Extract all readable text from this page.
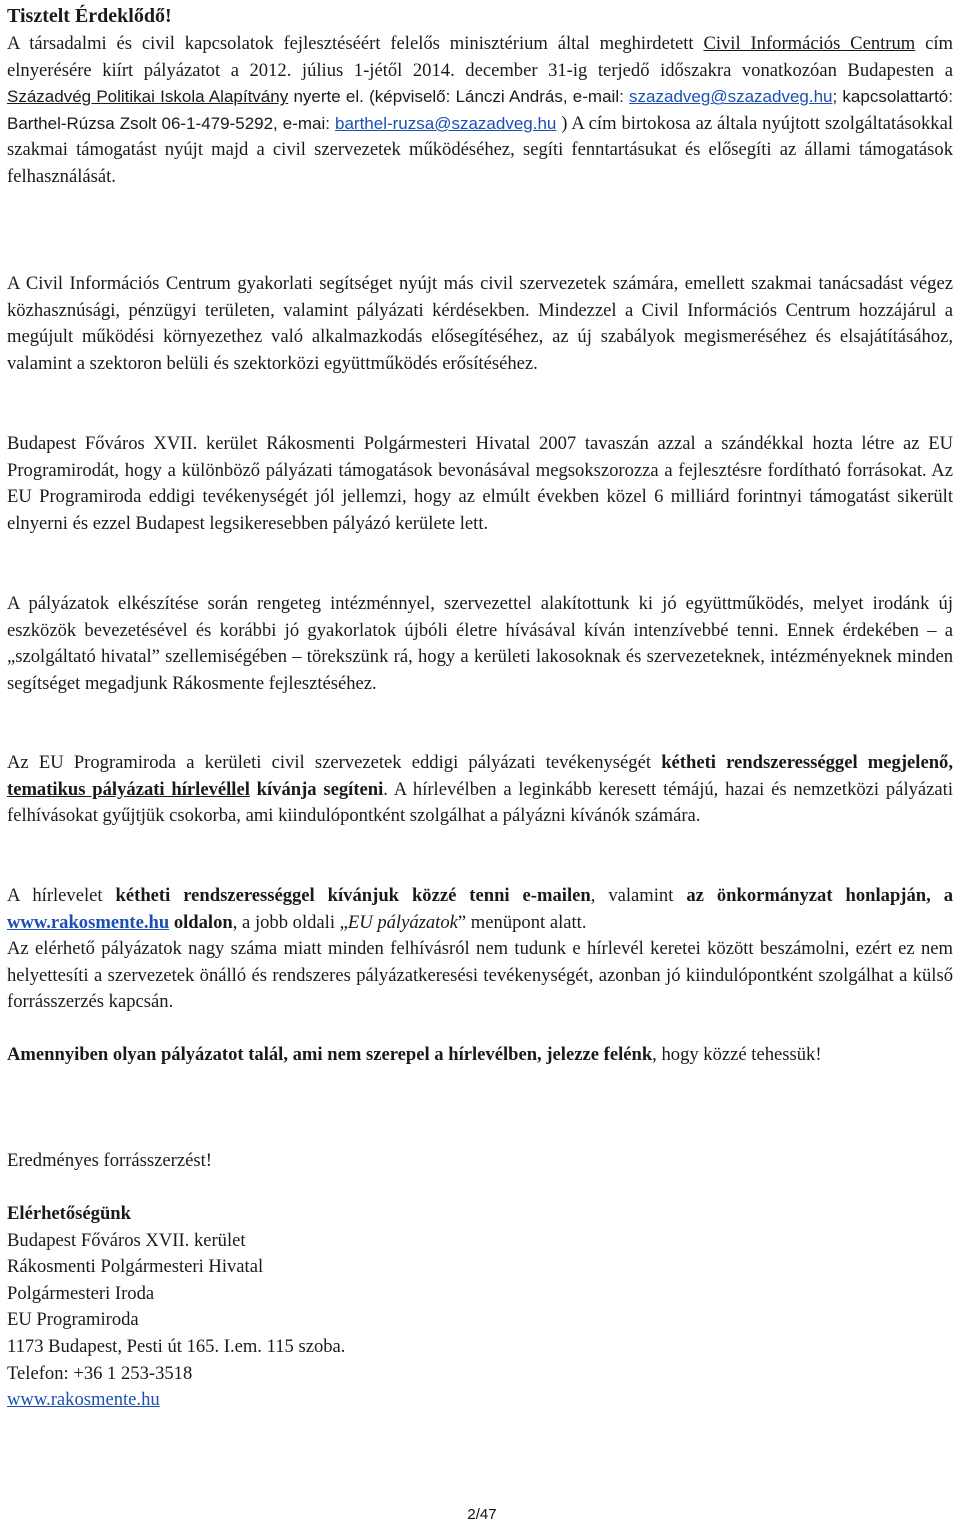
Tisztelt Érdeklődő!

A társadalmi és civil kapcsolatok fejlesztéséért felelős minisztérium által meghirdetett Civil Információs Centrum cím elnyerésére kiírt pályázatot a 2012. július 1-jétől 2014. december 31-ig terjedő időszakra vonatkozóan Budapesten a Századvég Politikai Iskola Alapítvány nyerte el. (képviselő: Lánczi András, e-mail: szazadveg@szazadveg.hu; kapcsolattartó: Barthel-Rúzsa Zsolt 06-1-479-5292, e-mai: barthel-ruzsa@szazadveg.hu ) A cím birtokosa az általa nyújtott szolgáltatásokkal szakmai támogatást nyújt majd a civil szervezetek működéséhez, segíti fenntartásukat és elősegíti az állami támogatások felhasználását.

A Civil Információs Centrum gyakorlati segítséget nyújt más civil szervezetek számára, emellett szakmai tanácsadást végez közhasznúsági, pénzügyi területen, valamint pályázati kérdésekben. Mindezzel a Civil Információs Centrum hozzájárul a megújult működési környezethez való alkalmazkodás elősegítéséhez, az új szabályok megismeréséhez és elsajátításához, valamint a szektoron belüli és szektorközi együttműködés erősítéséhez.

Budapest Főváros XVII. kerület Rákosmenti Polgármesteri Hivatal 2007 tavaszán azzal a szándékkal hozta létre az EU Programirodát, hogy a különböző pályázati támogatások bevonásával megsokszorozza a fejlesztésre fordítható forrásokat. Az EU Programiroda eddigi tevékenységét jól jellemzi, hogy az elmúlt években közel 6 milliárd forintnyi támogatást sikerült elnyerni és ezzel Budapest legsikeresebben pályázó kerülete lett.

A pályázatok elkészítése során rengeteg intézménnyel, szervezettel alakítottunk ki jó együttműködés, melyet irodánk új eszközök bevezetésével és korábbi jó gyakorlatok újbóli életre hívásával kíván intenzívebbé tenni. Ennek érdekében – a „szolgáltató hivatal” szellemiségében – törekszünk rá, hogy a kerületi lakosoknak és szervezeteknek, intézményeknek minden segítséget megadjunk Rákosmente fejlesztéséhez.

Az EU Programiroda a kerületi civil szervezetek eddigi pályázati tevékenységét kétheti rendszerességgel megjelenő, tematikus pályázati hírlevéllel kívánja segíteni. A hírlevélben a leginkább keresett témájú, hazai és nemzetközi pályázati felhívásokat gyűjtjük csokorba, ami kiindulópontként szolgálhat a pályázni kívánók számára.

A hírlevelet kétheti rendszerességgel kívánjuk közzé tenni e-mailen, valamint az önkormányzat honlapján, a www.rakosmente.hu oldalon, a jobb oldali „EU pályázatok” menüpont alatt.
Az elérhető pályázatok nagy száma miatt minden felhívásról nem tudunk e hírlevél keretei között beszámolni, ezért ez nem helyettesíti a szervezetek önálló és rendszeres pályázatkeresési tevékenységét, azonban jó kiindulópontként szolgálhat a külső forrásszerzés kapcsán.

Amennyiben olyan pályázatot talál, ami nem szerepel a hírlevélben, jelezze felénk, hogy közzé tehessük!

Eredményes forrásszerzést!

Elérhetőségünk
Budapest Főváros XVII. kerület
Rákosmenti Polgármesteri Hivatal
Polgármesteri Iroda
EU Programiroda
1173 Budapest, Pesti út 165. I.em. 115 szoba.
Telefon: +36 1 253-3518
www.rakosmente.hu
2/47
